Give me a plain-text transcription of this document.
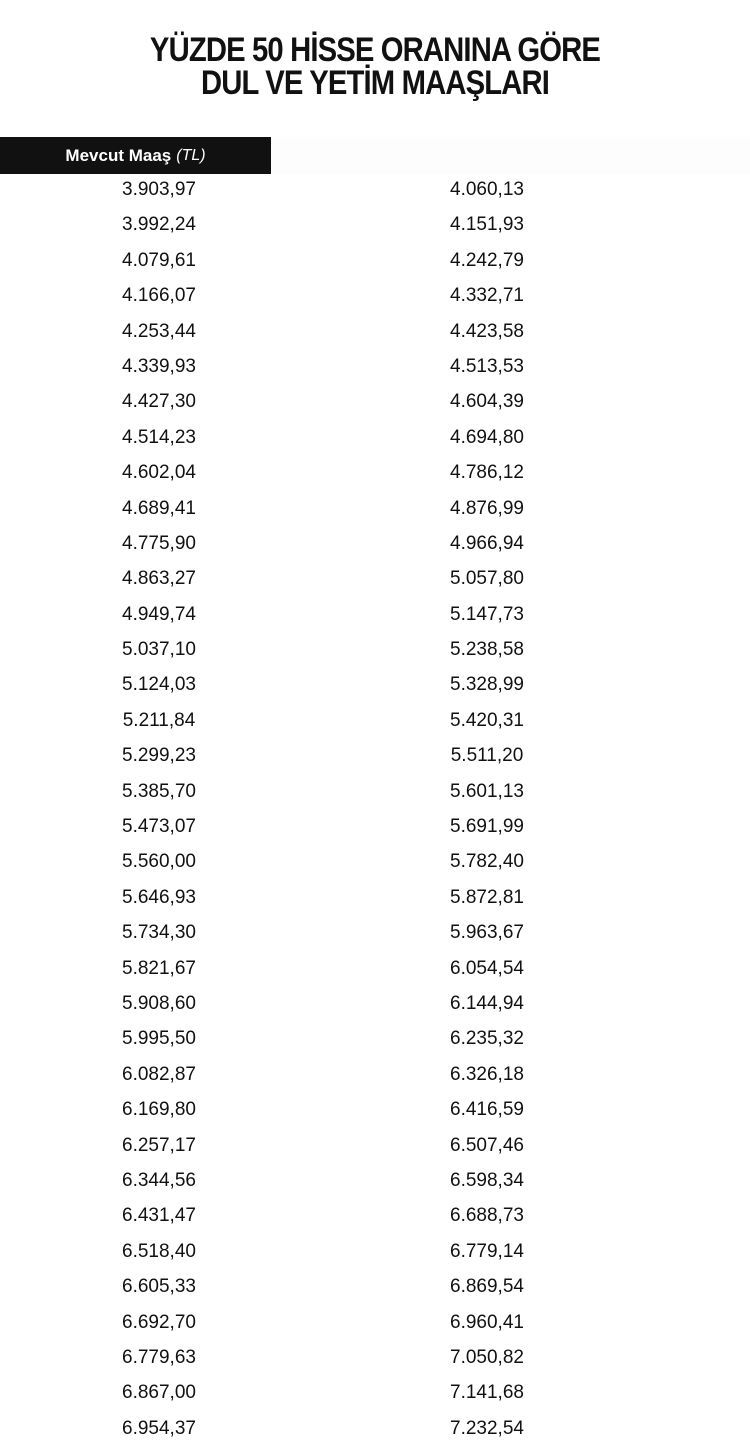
YÜZDE 50 HİSSE ORANINA GÖRE
DUL VE YETİM MAAŞLARI
Mevcut Maaş (TL)
3.903,97	4.060,13
3.992,24	4.151,93
4.079,61	4.242,79
4.166,07	4.332,71
4.253,44	4.423,58
4.339,93	4.513,53
4.427,30	4.604,39
4.514,23	4.694,80
4.602,04	4.786,12
4.689,41	4.876,99
4.775,90	4.966,94
4.863,27	5.057,80
4.949,74	5.147,73
5.037,10	5.238,58
5.124,03	5.328,99
5.211,84	5.420,31
5.299,23	5.511,20
5.385,70	5.601,13
5.473,07	5.691,99
5.560,00	5.782,40
5.646,93	5.872,81
5.734,30	5.963,67
5.821,67	6.054,54
5.908,60	6.144,94
5.995,50	6.235,32
6.082,87	6.326,18
6.169,80	6.416,59
6.257,17	6.507,46
6.344,56	6.598,34
6.431,47	6.688,73
6.518,40	6.779,14
6.605,33	6.869,54
6.692,70	6.960,41
6.779,63	7.050,82
6.867,00	7.141,68
6.954,37	7.232,54
